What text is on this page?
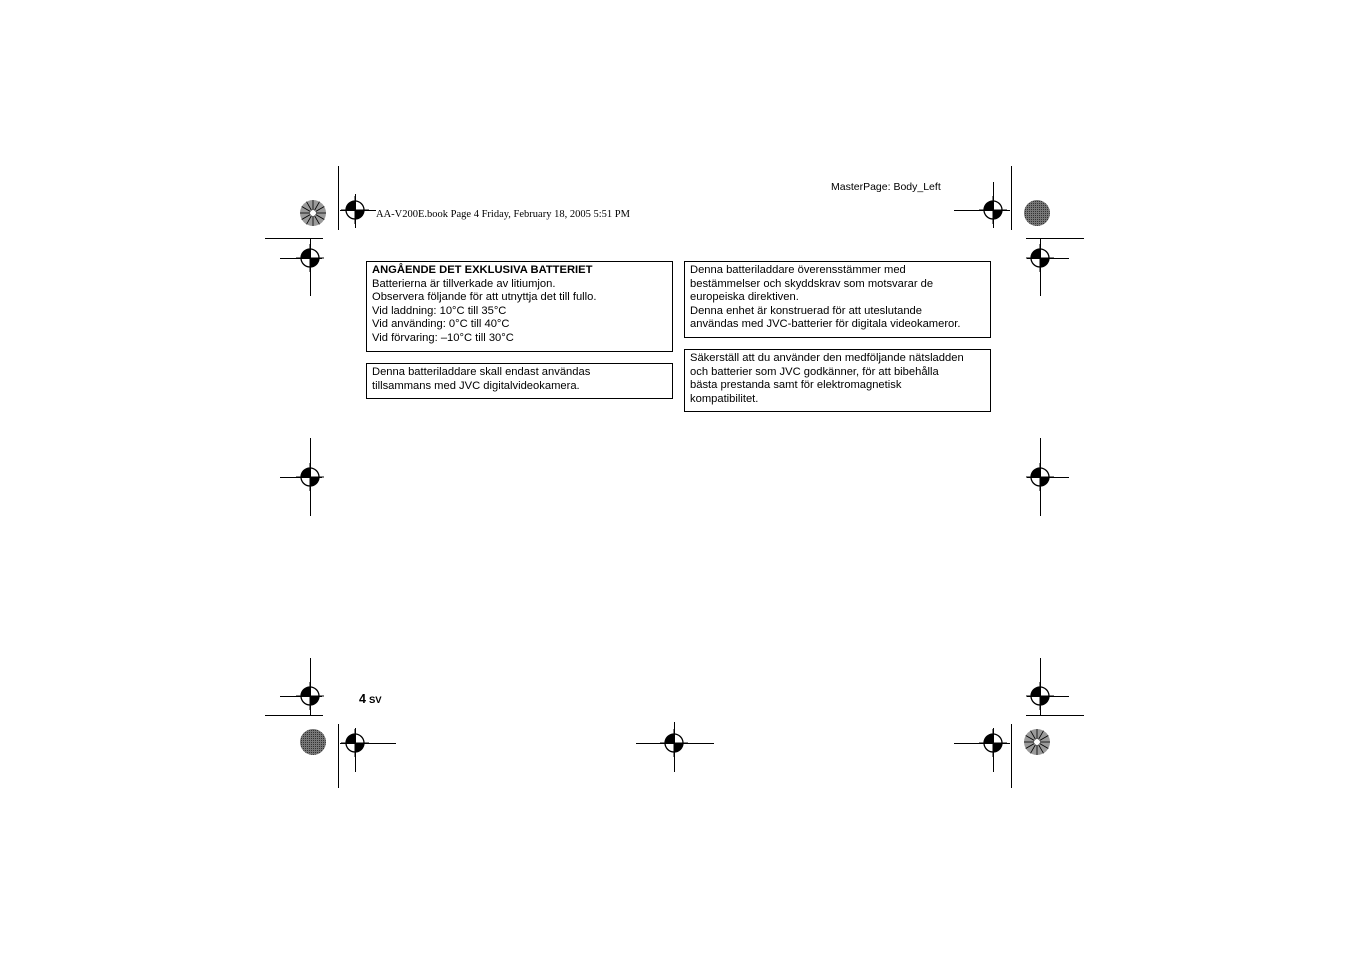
AA-V200E.book Page 4 Friday, February 18, 2005 5:51 PM
MasterPage: Body_Left
ANGÅENDE DET EXKLUSIVA BATTERIET
Batterierna är tillverkade av litiumjon.
Observera följande för att utnyttja det till fullo.
Vid laddning: 10°C till 35°C
Vid använding: 0°C till 40°C
Vid förvaring: –10°C till 30°C
Denna batteriladdare skall endast användas
tillsammans med JVC digitalvideokamera.
Denna batteriladdare överensstämmer med
bestämmelser och skyddskrav som motsvarar de
europeiska direktiven.
Denna enhet är konstruerad för att uteslutande
användas med JVC-batterier för digitala videokameror.
Säkerställ att du använder den medföljande nätsladden
och batterier som JVC godkänner, för att bibehålla
bästa prestanda samt för elektromagnetisk
kompatibilitet.
4 SV
